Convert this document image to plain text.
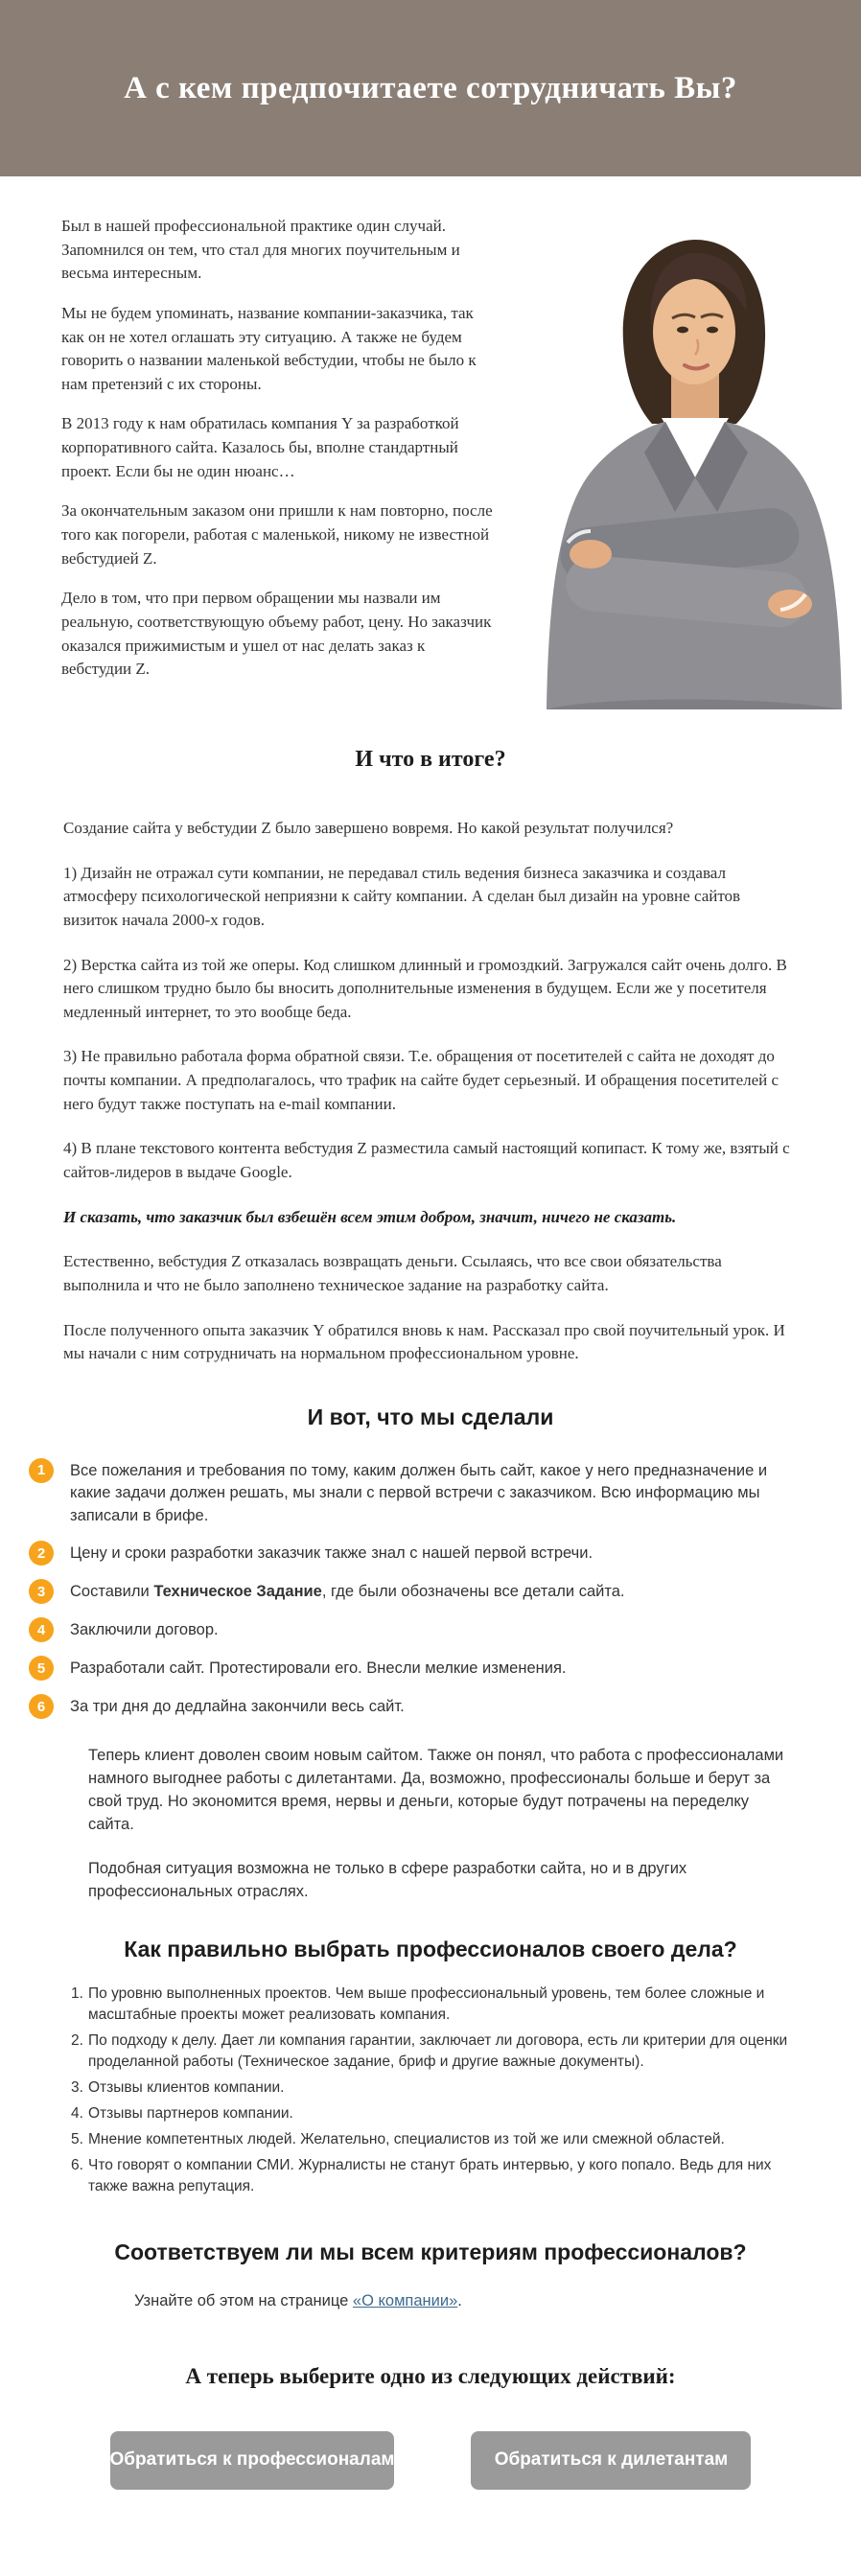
А с кем предпочитаете сотрудничать Вы?

Был в нашей профессиональной практике один случай. Запомнился он тем, что стал для многих поучительным и весьма интересным.

Мы не будем упоминать, название компании-заказчика, так как он не хотел оглашать эту ситуацию. А также не будем говорить о названии маленькой вебстудии, чтобы не было к нам претензий с их стороны.

В 2013 году к нам обратилась компания Y за разработкой корпоративного сайта. Казалось бы, вполне стандартный проект. Если бы не один нюанс…

За окончательным заказом они пришли к нам повторно, после того как погорели, работая с маленькой, никому не известной вебстудией Z.

Дело в том, что при первом обращении мы назвали им реальную, соответствующую объему работ, цену. Но заказчик оказался прижимистым и ушел от нас делать заказ к вебстудии Z.

И что в итоге?

Создание сайта у вебстудии Z было завершено вовремя. Но какой результат получился?

1) Дизайн не отражал сути компании, не передавал стиль ведения бизнеса заказчика и создавал атмосферу психологической неприязни к сайту компании. А сделан был дизайн на уровне сайтов визиток начала 2000-х годов.

2) Верстка сайта из той же оперы. Код слишком длинный и громоздкий. Загружался сайт очень долго. В него слишком трудно было бы вносить дополнительные изменения в будущем. Если же у посетителя медленный интернет, то это вообще беда.

3) Не правильно работала форма обратной связи. Т.е. обращения от посетителей с сайта не доходят до почты компании. А предполагалось, что трафик на сайте будет серьезный. И обращения посетителей с него будут также поступать на e-mail компании.

4) В плане текстового контента вебстудия Z разместила самый настоящий копипаст. К тому же, взятый с сайтов-лидеров в выдаче Google.

И сказать, что заказчик был взбешён всем этим добром, значит, ничего не сказать.

Естественно, вебстудия Z отказалась возвращать деньги. Ссылаясь, что все свои обязательства выполнила и что не было заполнено техническое задание на разработку сайта.

После полученного опыта заказчик Y обратился вновь к нам. Рассказал про свой поучительный урок. И мы начали с ним сотрудничать на нормальном профессиональном уровне.

И вот, что мы сделали
1	Все пожелания и требования по тому, каким должен быть сайт, какое у него предназначение и какие задачи должен решать, мы знали с первой встречи с заказчиком. Всю информацию мы записали в брифе.

2	Цену и сроки разработки заказчик также знал с нашей первой встречи.

3	Составили Техническое Задание, где были обозначены все детали сайта.

4	Заключили договор.

5	Разработали сайт. Протестировали его. Внесли мелкие изменения.

6	За три дня до дедлайна закончили весь сайт.

Теперь клиент доволен своим новым сайтом. Также он понял, что работа с профессионалами намного выгоднее работы с дилетантами. Да, возможно, профессионалы больше и берут за свой труд. Но экономится время, нервы и деньги, которые будут потрачены на переделку сайта.

Подобная ситуация возможна не только в сфере разработки сайта, но и в других профессиональных отраслях.

Как правильно выбрать профессионалов своего дела?
1. По уровню выполненных проектов. Чем выше профессиональный уровень, тем более сложные и масштабные проекты может реализовать компания.

2. По подходу к делу. Дает ли компания гарантии, заключает ли договора, есть ли критерии для оценки проделанной работы (Техническое задание, бриф и другие важные документы).

3. Отзывы клиентов компании.

4. Отзывы партнеров компании.

5. Мнение компетентных людей. Желательно, специалистов из той же или смежной областей.

6. Что говорят о компании СМИ. Журналисты не станут брать интервью, у кого попало. Ведь для них также важна репутация.

Соответствуем ли мы всем критериям профессионалов?

Узнайте об этом на странице «О компании».

А теперь выберите одно из следующих действий:
Обратиться к профессионалам	Обратиться к дилетантам
